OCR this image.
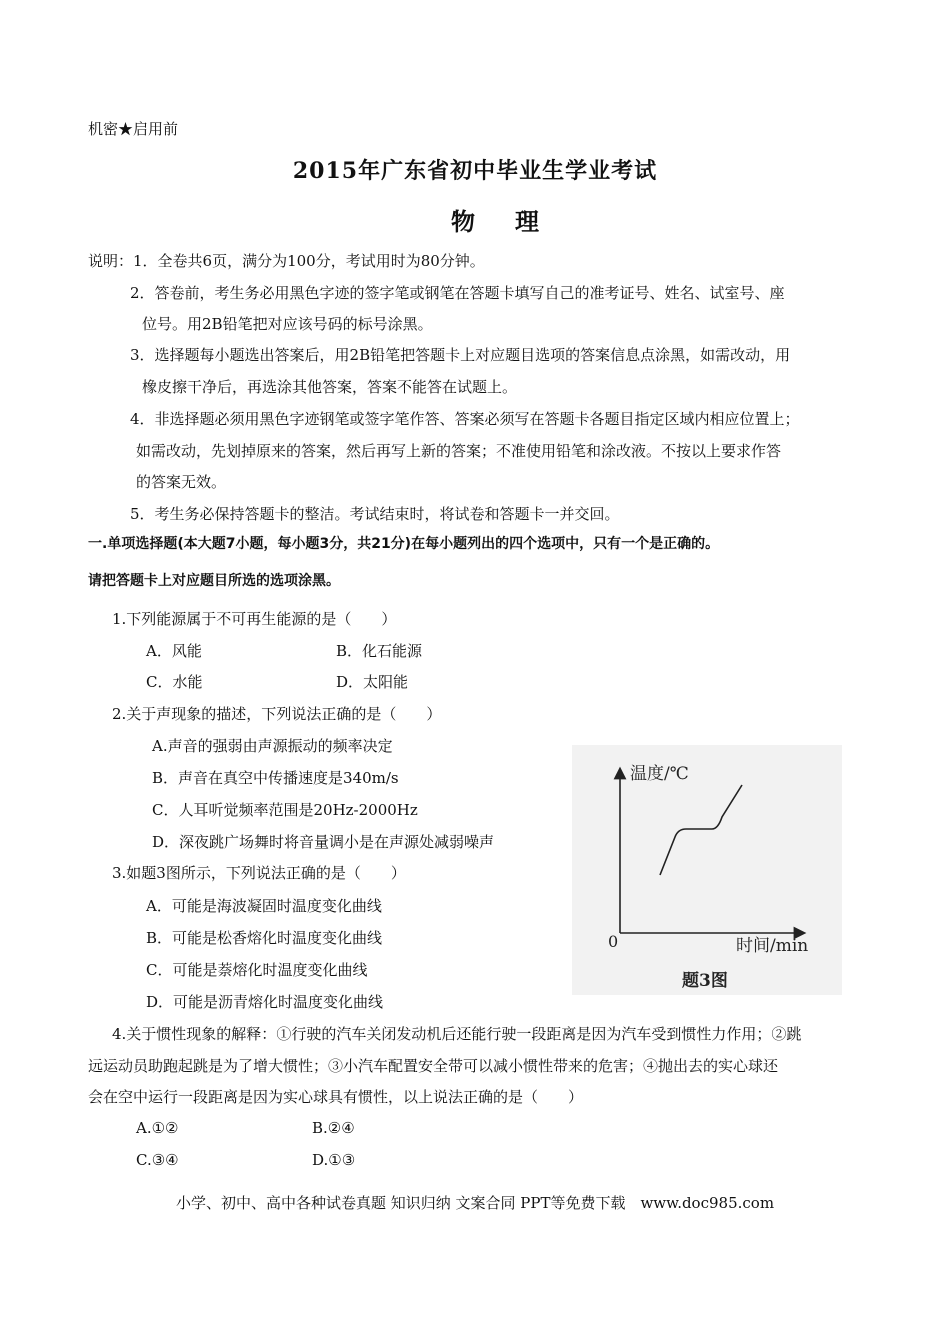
机密★启用前
2015年广东省初中毕业生学业考试
物理
说明：1．全卷共6页，满分为100分，考试用时为80分钟。
2．答卷前，考生务必用黑色字迹的签字笔或钢笔在答题卡填写自己的准考证号、姓名、试室号、座
位号。用2B铅笔把对应该号码的标号涂黑。
3．选择题每小题选出答案后，用2B铅笔把答题卡上对应题目选项的答案信息点涂黑，如需改动，用
橡皮擦干净后，再选涂其他答案，答案不能答在试题上。
4．非选择题必须用黑色字迹钢笔或签字笔作答、答案必须写在答题卡各题目指定区域内相应位置上；
如需改动，先划掉原来的答案，然后再写上新的答案；不准使用铅笔和涂改液。不按以上要求作答
的答案无效。
5．考生务必保持答题卡的整洁。考试结束时，将试卷和答题卡一并交回。
一.单项选择题(本大题7小题，每小题3分，共21分)在每小题列出的四个选项中，只有一个是正确的。
请把答题卡上对应题目所选的选项涂黑。
1.下列能源属于不可再生能源的是（　　）
A．风能	B．化石能源
C．水能	D．太阳能
2.关于声现象的描述，下列说法正确的是（　　）
A.声音的强弱由声源振动的频率决定
B．声音在真空中传播速度是340m/s
C．人耳听觉频率范围是20Hz-2000Hz
D．深夜跳广场舞时将音量调小是在声源处减弱噪声
3.如题3图所示，下列说法正确的是（　　）
A．可能是海波凝固时温度变化曲线
B．可能是松香熔化时温度变化曲线
C．可能是萘熔化时温度变化曲线
D．可能是沥青熔化时温度变化曲线
温度/℃
0	时间/min
题3图
4.关于惯性现象的解释：①行驶的汽车关闭发动机后还能行驶一段距离是因为汽车受到惯性力作用；②跳
远运动员助跑起跳是为了增大惯性；③小汽车配置安全带可以减小惯性带来的危害；④抛出去的实心球还
会在空中运行一段距离是因为实心球具有惯性，以上说法正确的是（　　）
A.①②	B.②④
C.③④	D.①③
小学、初中、高中各种试卷真题 知识归纳 文案合同 PPT等免费下载　www.doc985.com
